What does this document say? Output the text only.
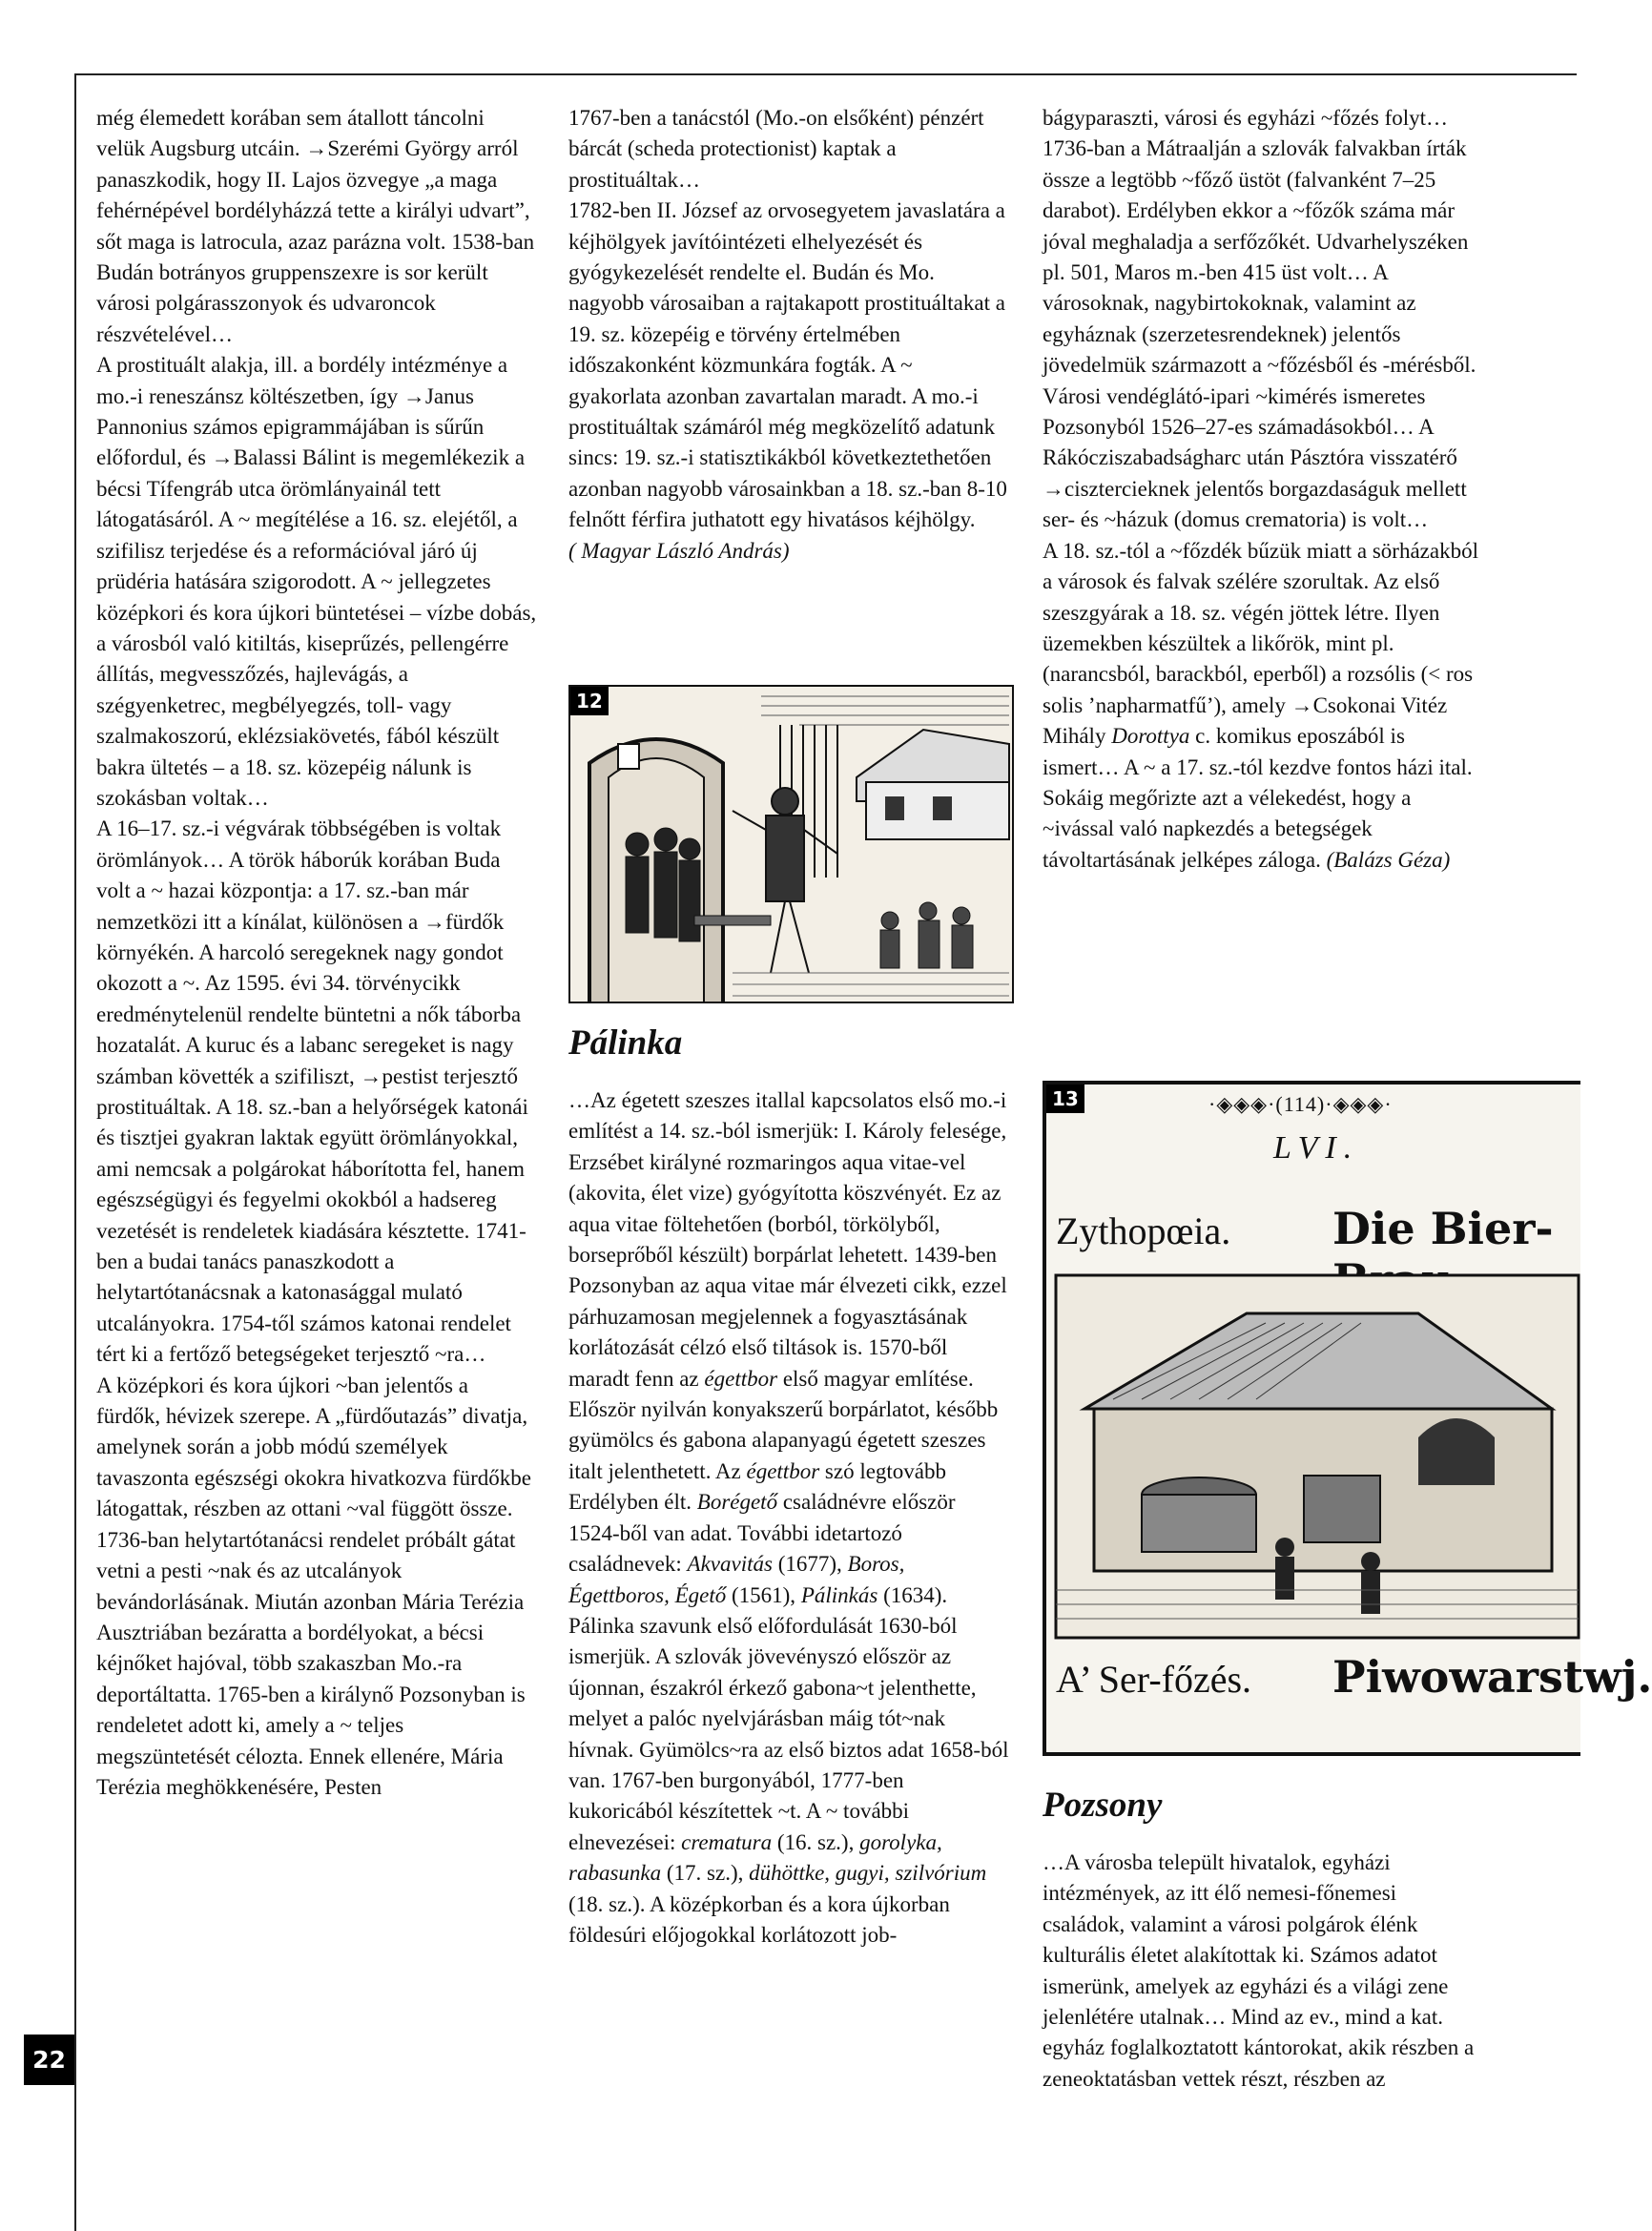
még élemedett korában sem átallott táncolni velük Augsburg utcáin. →Szerémi György arról panaszkodik, hogy II. Lajos özvegye „a maga fehérnépével bordélyházzá tette a királyi udvart”, sőt maga is latrocula, azaz parázna volt. 1538-ban Budán botrányos gruppenszexre is sor került városi polgárasszonyok és udvaroncok részvételével…

A prostituált alakja, ill. a bordély intézménye a mo.-i reneszánsz költészetben, így →Janus Pannonius számos epigrammájában is sűrűn előfordul, és →Balassi Bálint is megemlékezik a bécsi Tífengráb utca örömlányainál tett látogatásáról. A ~ megítélése a 16. sz. elejétől, a szifilisz terjedése és a reformációval járó új prüdéria hatására szigorodott. A ~ jellegzetes középkori és kora újkori büntetései – vízbe dobás, a városból való kitiltás, kiseprűzés, pellengérre állítás, megvesszőzés, hajlevágás, a szégyenketrec, megbélyegzés, toll- vagy szalmakoszorú, eklézsiakövetés, fából készült bakra ültetés – a 18. sz. közepéig nálunk is szokásban voltak…

A 16–17. sz.-i végvárak többségében is voltak örömlányok… A török háborúk korában Buda volt a ~ hazai központja: a 17. sz.-ban már nemzetközi itt a kínálat, különösen a →fürdők környékén. A harcoló seregeknek nagy gondot okozott a ~. Az 1595. évi 34. törvénycikk eredménytelenül rendelte büntetni a nők táborba hozatalát. A kuruc és a labanc seregeket is nagy számban követték a szifiliszt, →pestist terjesztő prostituáltak. A 18. sz.-ban a helyőrségek katonái és tisztjei gyakran laktak együtt örömlányokkal, ami nemcsak a polgárokat háborította fel, hanem egészségügyi és fegyelmi okokból a hadsereg vezetését is rendeletek kiadására késztette. 1741-ben a budai tanács panaszkodott a helytartótanácsnak a katonasággal mulató utcalányokra. 1754-től számos katonai rendelet tért ki a fertőző betegségeket terjesztő ~ra…

A középkori és kora újkori ~ban jelentős a fürdők, hévizek szerepe. A „fürdőutazás” divatja, amelynek során a jobb módú személyek tavaszonta egészségi okokra hivatkozva fürdőkbe látogattak, részben az ottani ~val függött össze. 1736-ban helytartótanácsi rendelet próbált gátat vetni a pesti ~nak és az utcalányok bevándorlásának. Miután azonban Mária Terézia Ausztriában bezáratta a bordélyokat, a bécsi kéjnőket hajóval, több szakaszban Mo.-ra deportáltatta. 1765-ben a királynő Pozsonyban is rendeletet adott ki, amely a ~ teljes megszüntetését célozta. Ennek ellenére, Mária Terézia meghökkenésére, Pesten

1767-ben a tanácstól (Mo.-on elsőként) pénzért bárcát (scheda protectionist) kaptak a prostituáltak…

1782-ben II. József az orvosegyetem javaslatára a kéjhölgyek javítóintézeti elhelyezését és gyógykezelését rendelte el. Budán és Mo. nagyobb városaiban a rajtakapott prostituáltakat a 19. sz. közepéig e törvény értelmében időszakonként közmunkára fogták. A ~ gyakorlata azonban zavartalan maradt. A mo.-i prostituáltak számáról még megközelítő adatunk sincs: 19. sz.-i statisztikákból következtethetően azonban nagyobb városainkban a 18. sz.-ban 8-10 felnőtt férfira juthatott egy hivatásos kéjhölgy.

( Magyar László András)

12
Pálinka

…Az égetett szeszes itallal kapcsolatos első mo.-i említést a 14. sz.-ból ismerjük: I. Károly felesége, Erzsébet királyné rozmaringos aqua vitae-vel (akovita, élet vize) gyógyította köszvényét. Ez az aqua vitae föltehetően (borból, törkölyből, borseprőből készült) borpárlat lehetett. 1439-ben Pozsonyban az aqua vitae már élvezeti cikk, ezzel párhuzamosan megjelennek a fogyasztásának korlátozását célzó első tiltások is. 1570-ből maradt fenn az égettbor első magyar említése. Először nyilván konyakszerű borpárlatot, később gyümölcs és gabona alapanyagú égetett szeszes italt jelenthetett. Az égettbor szó legtovább Erdélyben élt. Borégető családnévre először 1524-ből van adat. További idetartozó családnevek: Akvavitás (1677), Boros, Égettboros, Égető (1561), Pálinkás (1634). Pálinka szavunk első előfordulását 1630-ból ismerjük. A szlovák jövevényszó először az újonnan, északról érkező gabona~t jelenthette, melyet a palóc nyelvjárásban máig tót~nak hívnak. Gyümölcs~ra az első biztos adat 1658-ból van. 1767-ben burgonyából, 1777-ben kukoricából készítettek ~t. A ~ további elnevezései: crematura (16. sz.), gorolyka, rabasunka (17. sz.), dühöttke, gugyi, szilvórium (18. sz.). A középkorban és a kora újkorban földesúri előjogokkal korlátozott job-

bágyparaszti, városi és egyházi ~főzés folyt… 1736-ban a Mátraalján a szlovák falvakban írták össze a legtöbb ~főző üstöt (falvanként 7–25 darabot). Erdélyben ekkor a ~főzők száma már jóval meghaladja a serfőzőkét. Udvarhelyszéken pl. 501, Maros m.-ben 415 üst volt… A városoknak, nagybirtokoknak, valamint az egyháznak (szerzetesrendeknek) jelentős jövedelmük származott a ~főzésből és -mérésből. Városi vendéglátó-ipari ~kimérés ismeretes Pozsonyból 1526–27-es számadásokból… A Rákócziszabadságharc után Pásztóra visszatérő →cisztercieknek jelentős borgazdaságuk mellett ser- és ~házuk (domus crematoria) is volt…

A 18. sz.-tól a ~főzdék bűzük miatt a sörházakból a városok és falvak szélére szorultak. Az első szeszgyárak a 18. sz. végén jöttek létre. Ilyen üzemekben készültek a likőrök, mint pl. (narancsból, barackból, eperből) a rozsólis (< ros solis ’napharmatfű’), amely →Csokonai Vitéz Mihály Dorottya c. komikus eposzából is ismert… A ~ a 17. sz.-tól kezdve fontos házi ital. Sokáig megőrizte azt a vélekedést, hogy a ~ivással való napkezdés a betegségek távoltartásának jelképes záloga. (Balázs Géza)

·◈◈◈·(114)·◈◈◈·
LVI.
Zythopœia. Die Bier-
A’ Ser-főzés. Piwowarstwj.
13
Pozsony

…A városba települt hivatalok, egyházi intézmények, az itt élő nemesi-főnemesi családok, valamint a városi polgárok élénk kulturális életet alakítottak ki. Számos adatot ismerünk, amelyek az egyházi és a világi zene jelenlétére utalnak… Mind az ev., mind a kat. egyház foglalkoztatott kántorokat, akik részben a zeneoktatásban vettek részt, részben az

22
